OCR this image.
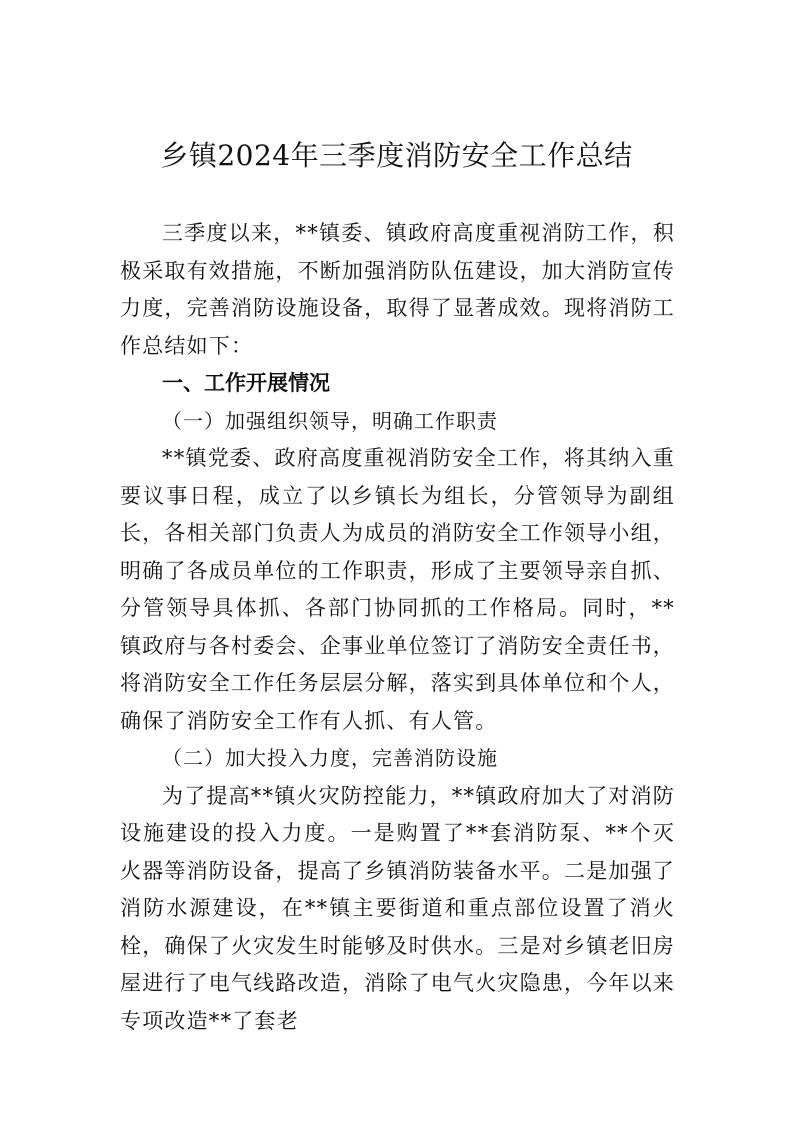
乡镇2024年三季度消防安全工作总结

三季度以来，**镇委、镇政府高度重视消防工作，积极采取有效措施，不断加强消防队伍建设，加大消防宣传力度，完善消防设施设备，取得了显著成效。现将消防工作总结如下：

一、工作开展情况

（一）加强组织领导，明确工作职责

**镇党委、政府高度重视消防安全工作，将其纳入重要议事日程，成立了以乡镇长为组长，分管领导为副组长，各相关部门负责人为成员的消防安全工作领导小组，明确了各成员单位的工作职责，形成了主要领导亲自抓、分管领导具体抓、各部门协同抓的工作格局。同时，**镇政府与各村委会、企事业单位签订了消防安全责任书，将消防安全工作任务层层分解，落实到具体单位和个人，确保了消防安全工作有人抓、有人管。

（二）加大投入力度，完善消防设施

为了提高**镇火灾防控能力，**镇政府加大了对消防设施建设的投入力度。一是购置了**套消防泵、**个灭火器等消防设备，提高了乡镇消防装备水平。二是加强了消防水源建设，在**镇主要街道和重点部位设置了消火栓，确保了火灾发生时能够及时供水。三是对乡镇老旧房屋进行了电气线路改造，消除了电气火灾隐患，今年以来专项改造**了套老
